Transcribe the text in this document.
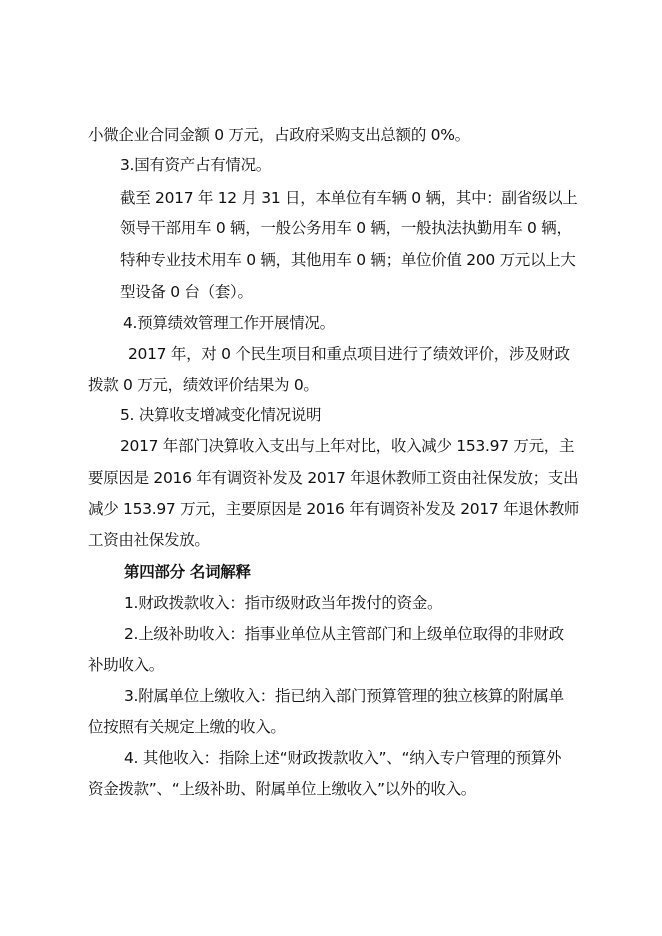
小微企业合同金额 0 万元，占政府采购支出总额的 0%。
3.国有资产占有情况。
截至 2017 年 12 月 31 日，本单位有车辆 0 辆，其中：副省级以上
领导干部用车 0 辆，一般公务用车 0 辆，一般执法执勤用车 0 辆，
特种专业技术用车 0 辆，其他用车 0 辆；单位价值 200 万元以上大
型设备 0 台（套）。
4.预算绩效管理工作开展情况。
2017 年，对 0 个民生项目和重点项目进行了绩效评价，涉及财政
拨款 0 万元，绩效评价结果为 0。
5. 决算收支增减变化情况说明
2017 年部门决算收入支出与上年对比，收入减少 153.97 万元，主
要原因是 2016 年有调资补发及 2017 年退休教师工资由社保发放；支出
减少 153.97 万元，主要原因是 2016 年有调资补发及 2017 年退休教师
工资由社保发放。
第四部分 名词解释
1.财政拨款收入：指市级财政当年拨付的资金。
2.上级补助收入：指事业单位从主管部门和上级单位取得的非财政
补助收入。
3.附属单位上缴收入：指已纳入部门预算管理的独立核算的附属单
位按照有关规定上缴的收入。
4. 其他收入：指除上述“财政拨款收入”、“纳入专户管理的预算外
资金拨款”、“上级补助、附属单位上缴收入”以外的收入。
